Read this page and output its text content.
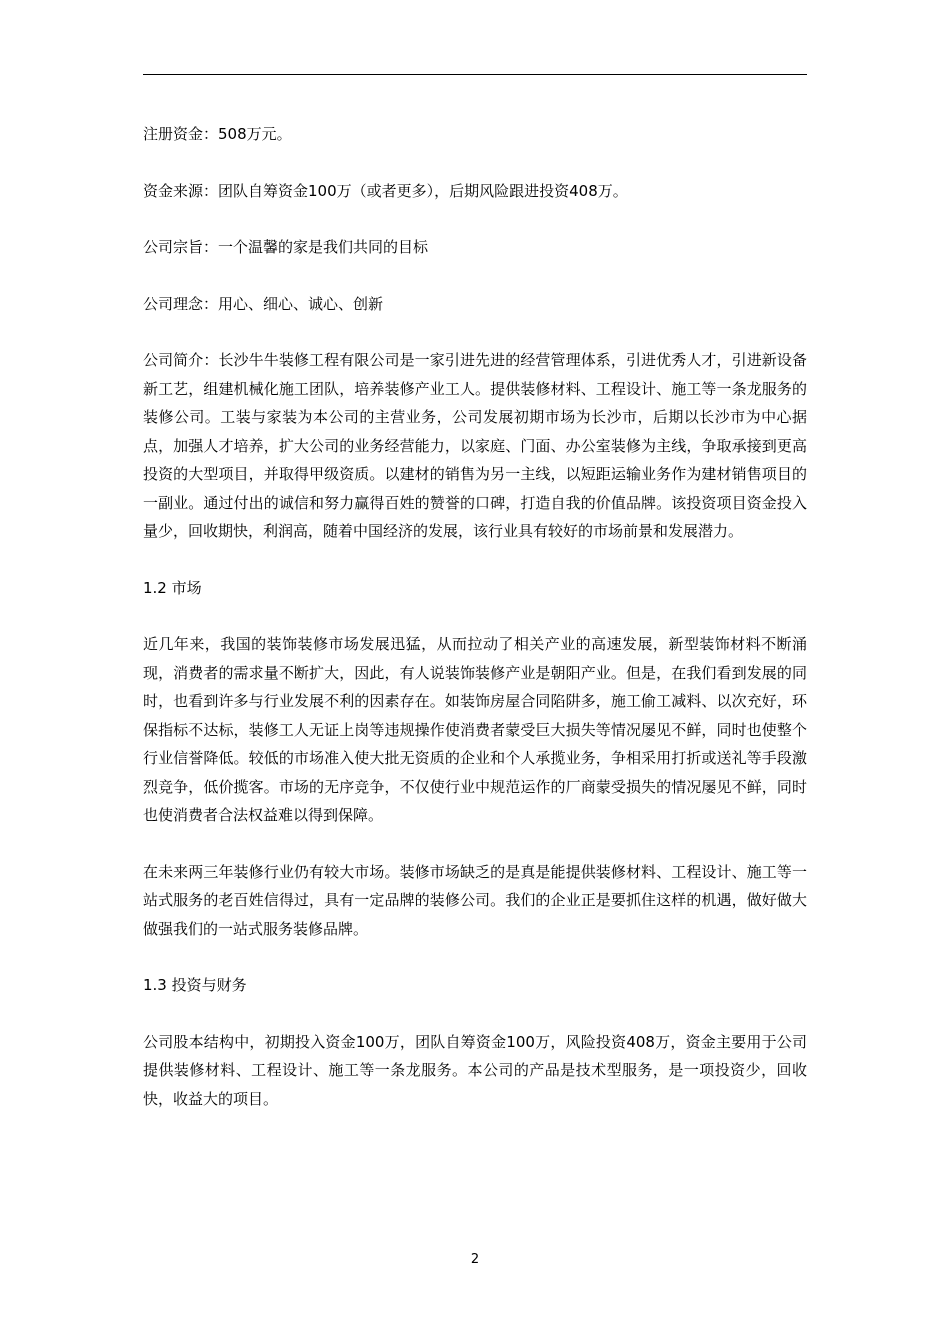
注册资金：508万元。

资金来源：团队自筹资金100万（或者更多），后期风险跟进投资408万。

公司宗旨：一个温馨的家是我们共同的目标

公司理念：用心、细心、诚心、创新

公司简介：长沙牛牛装修工程有限公司是一家引进先进的经营管理体系，引进优秀人才，引进新设备新工艺，组建机械化施工团队，培养装修产业工人。提供装修材料、工程设计、施工等一条龙服务的装修公司。工装与家装为本公司的主营业务，公司发展初期市场为长沙市，后期以长沙市为中心据点，加强人才培养，扩大公司的业务经营能力，以家庭、门面、办公室装修为主线，争取承接到更高投资的大型项目，并取得甲级资质。以建材的销售为另一主线，以短距运输业务作为建材销售项目的一副业。通过付出的诚信和努力赢得百姓的赞誉的口碑，打造自我的价值品牌。该投资项目资金投入量少，回收期快，利润高，随着中国经济的发展，该行业具有较好的市场前景和发展潜力。

1.2 市场

近几年来，我国的装饰装修市场发展迅猛，从而拉动了相关产业的高速发展，新型装饰材料不断涌现，消费者的需求量不断扩大，因此，有人说装饰装修产业是朝阳产业。但是，在我们看到发展的同时，也看到许多与行业发展不利的因素存在。如装饰房屋合同陷阱多，施工偷工减料、以次充好，环保指标不达标，装修工人无证上岗等违规操作使消费者蒙受巨大损失等情况屡见不鲜，同时也使整个行业信誉降低。较低的市场准入使大批无资质的企业和个人承揽业务，争相采用打折或送礼等手段激烈竞争，低价揽客。市场的无序竞争，不仅使行业中规范运作的厂商蒙受损失的情况屡见不鲜，同时也使消费者合法权益难以得到保障。

在未来两三年装修行业仍有较大市场。装修市场缺乏的是真是能提供装修材料、工程设计、施工等一站式服务的老百姓信得过，具有一定品牌的装修公司。我们的企业正是要抓住这样的机遇，做好做大做强我们的一站式服务装修品牌。

1.3 投资与财务

公司股本结构中，初期投入资金100万，团队自筹资金100万，风险投资408万，资金主要用于公司提供装修材料、工程设计、施工等一条龙服务。本公司的产品是技术型服务，是一项投资少，回收快，收益大的项目。

2
